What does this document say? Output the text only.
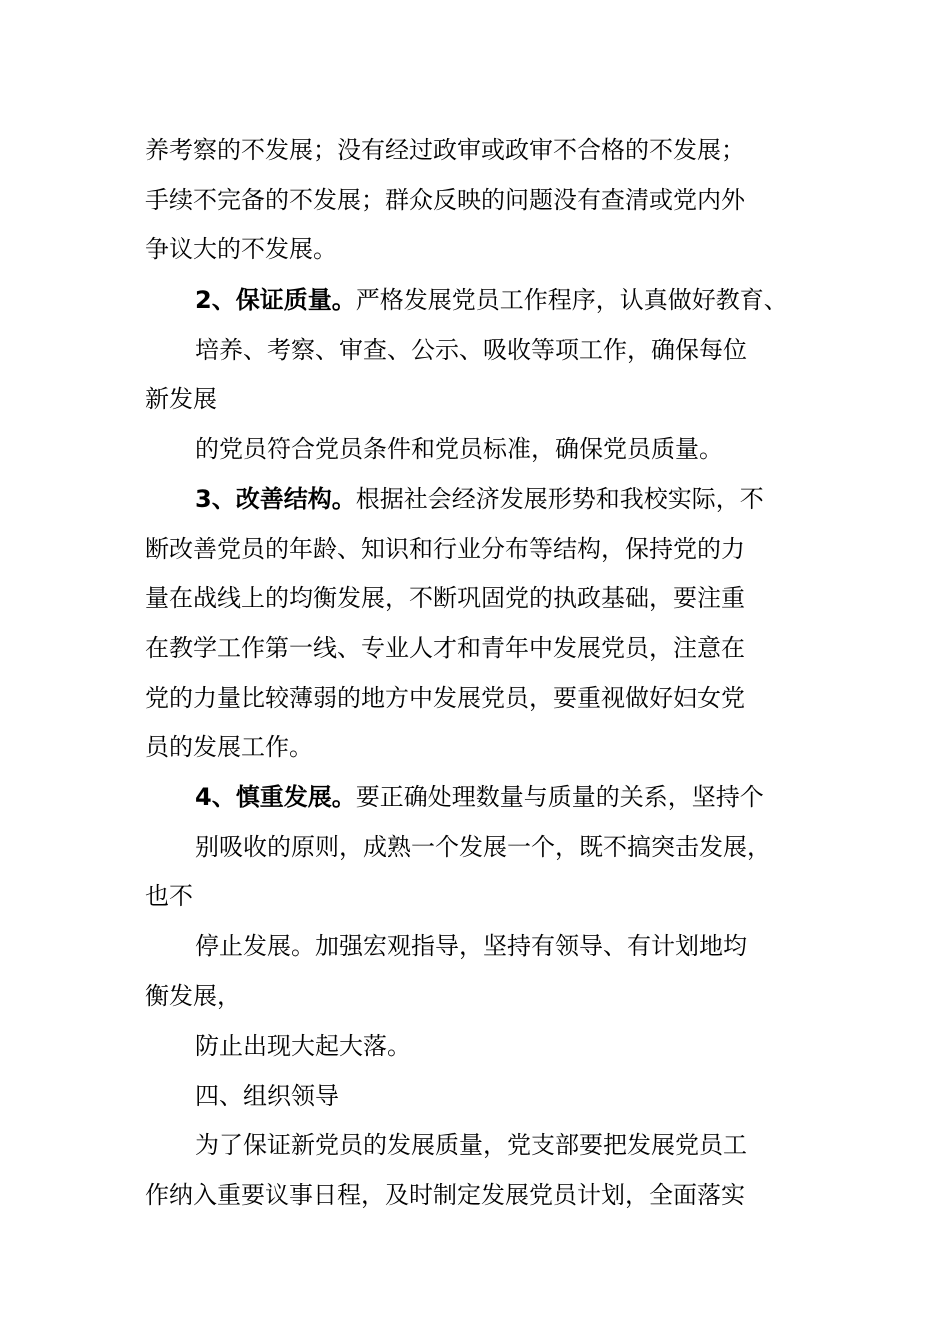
养考察的不发展；没有经过政审或政审不合格的不发展；
手续不完备的不发展；群众反映的问题没有查清或党内外
争议大的不发展。
2、保证质量。严格发展党员工作程序，认真做好教育、
培养、考察、审查、公示、吸收等项工作，确保每位
新发展
的党员符合党员条件和党员标准，确保党员质量。
3、改善结构。根据社会经济发展形势和我校实际，不
断改善党员的年龄、知识和行业分布等结构，保持党的力
量在战线上的均衡发展，不断巩固党的执政基础，要注重
在教学工作第一线、专业人才和青年中发展党员，注意在
党的力量比较薄弱的地方中发展党员，要重视做好妇女党
员的发展工作。
4、慎重发展。要正确处理数量与质量的关系，坚持个
别吸收的原则，成熟一个发展一个，既不搞突击发展，
也不
停止发展。加强宏观指导，坚持有领导、有计划地均
衡发展，
防止出现大起大落。
四、组织领导
为了保证新党员的发展质量，党支部要把发展党员工
作纳入重要议事日程，及时制定发展党员计划，全面落实
